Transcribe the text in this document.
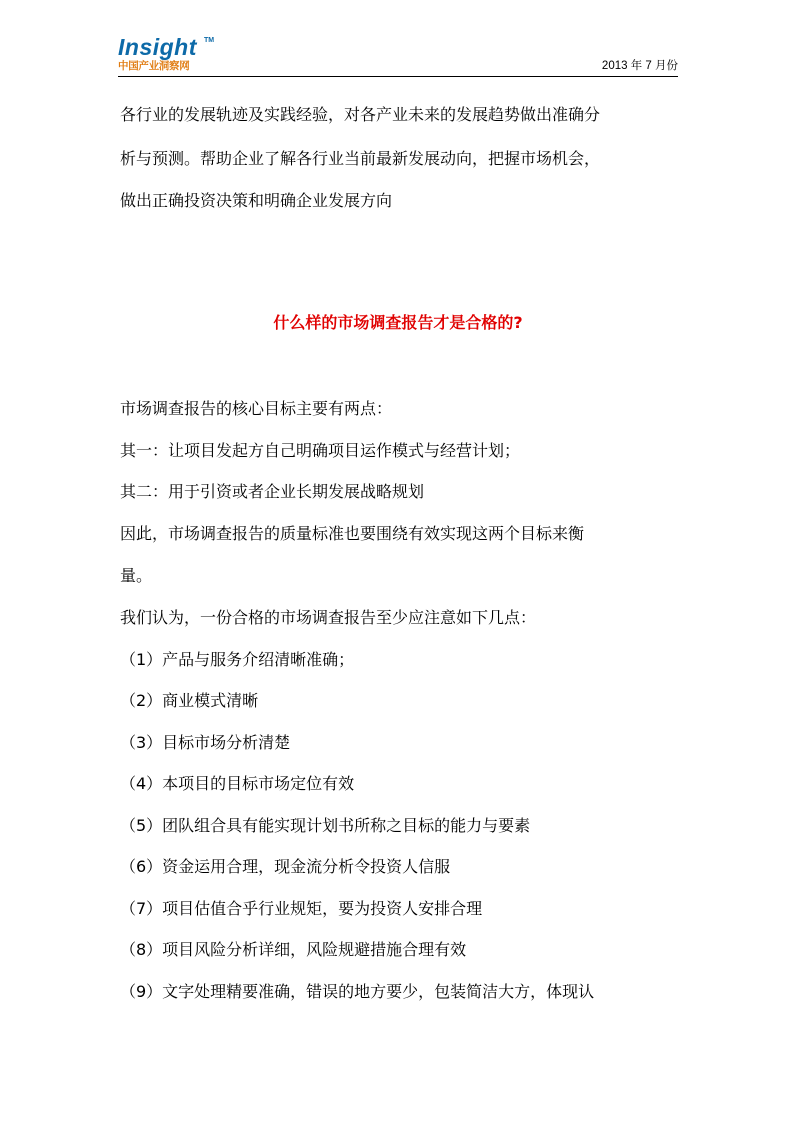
Insight TM
中国产业洞察网	2013 年 7 月份
各行业的发展轨迹及实践经验，对各产业未来的发展趋势做出准确分
析与预测。帮助企业了解各行业当前最新发展动向，把握市场机会，
做出正确投资决策和明确企业发展方向
什么样的市场调查报告才是合格的?
市场调查报告的核心目标主要有两点：
其一：让项目发起方自己明确项目运作模式与经营计划；
其二：用于引资或者企业长期发展战略规划
因此，市场调查报告的质量标准也要围绕有效实现这两个目标来衡
量。
我们认为，一份合格的市场调查报告至少应注意如下几点：
（1）产品与服务介绍清晰准确；
（2）商业模式清晰
（3）目标市场分析清楚
（4）本项目的目标市场定位有效
（5）团队组合具有能实现计划书所称之目标的能力与要素
（6）资金运用合理，现金流分析令投资人信服
（7）项目估值合乎行业规矩，要为投资人安排合理
（8）项目风险分析详细，风险规避措施合理有效
（9）文字处理精要准确，错误的地方要少，包装简洁大方，体现认
